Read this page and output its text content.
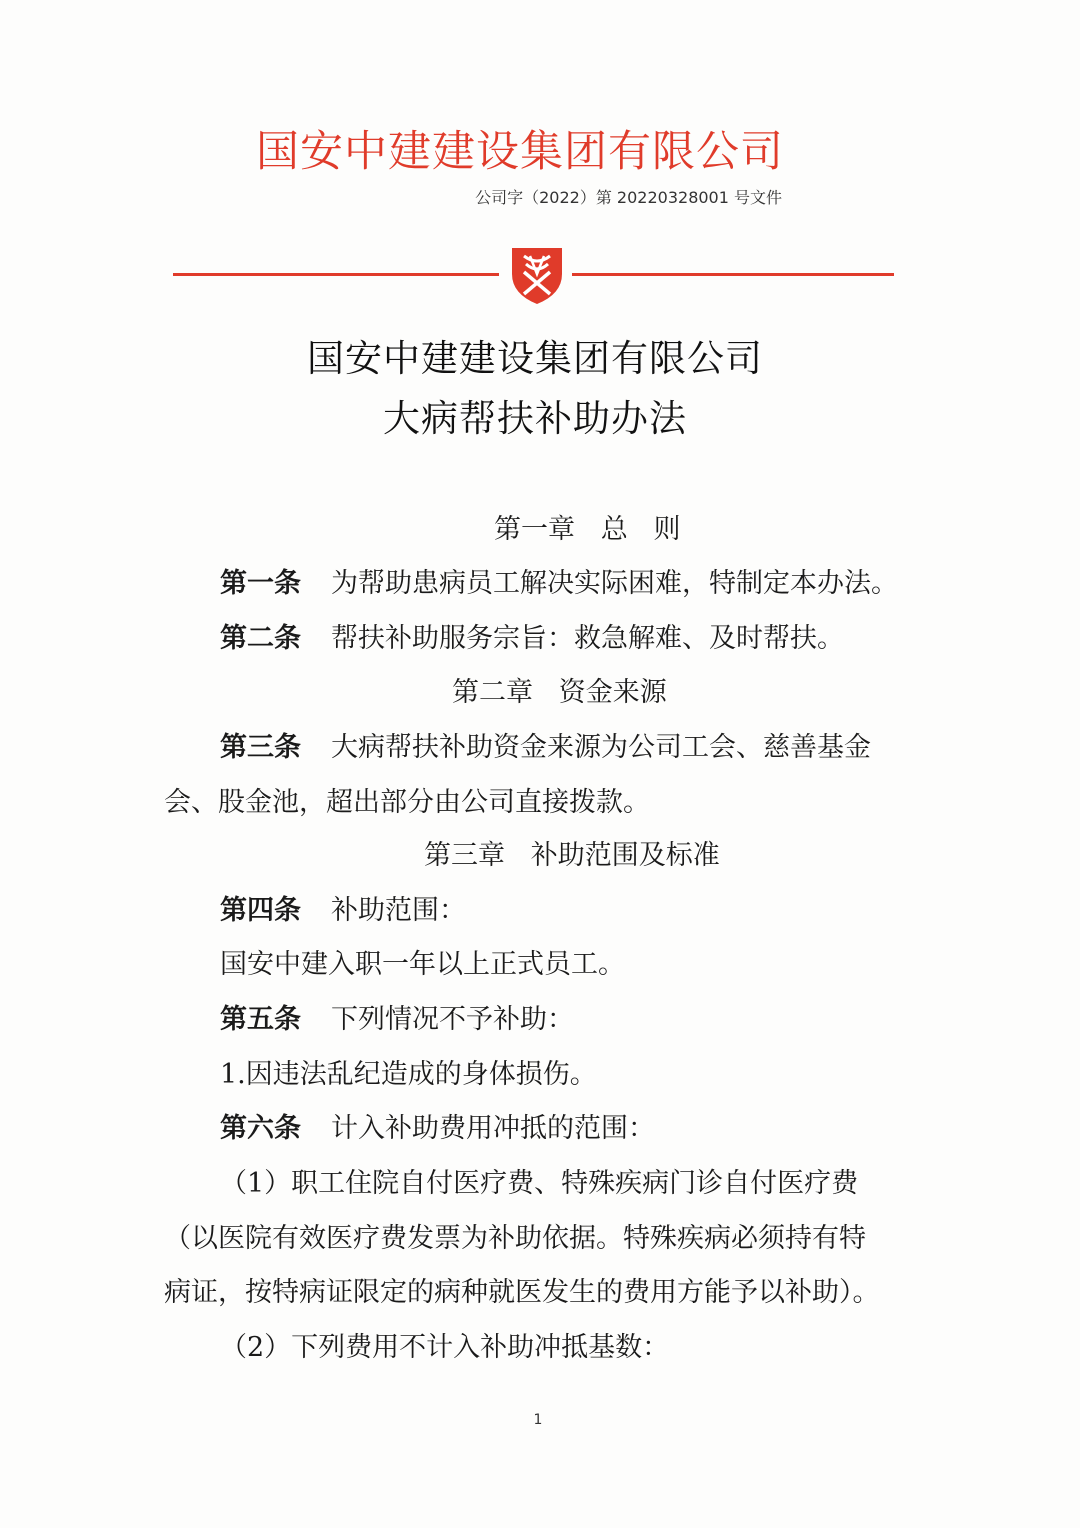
国安中建建设集团有限公司
公司字（2022）第 20220328001 号文件
国安中建建设集团有限公司
大病帮扶补助办法
第一章   总   则
第一条 为帮助患病员工解决实际困难，特制定本办法。
第二条 帮扶补助服务宗旨：救急解难、及时帮扶。
第二章   资金来源
第三条 大病帮扶补助资金来源为公司工会、慈善基金
会、股金池，超出部分由公司直接拨款。
第三章   补助范围及标准
第四条 补助范围：
国安中建入职一年以上正式员工。
第五条 下列情况不予补助：
1.因违法乱纪造成的身体损伤。
第六条 计入补助费用冲抵的范围：
（1）职工住院自付医疗费、特殊疾病门诊自付医疗费
（以医院有效医疗费发票为补助依据。特殊疾病必须持有特
病证，按特病证限定的病种就医发生的费用方能予以补助）。
（2）下列费用不计入补助冲抵基数：
1
